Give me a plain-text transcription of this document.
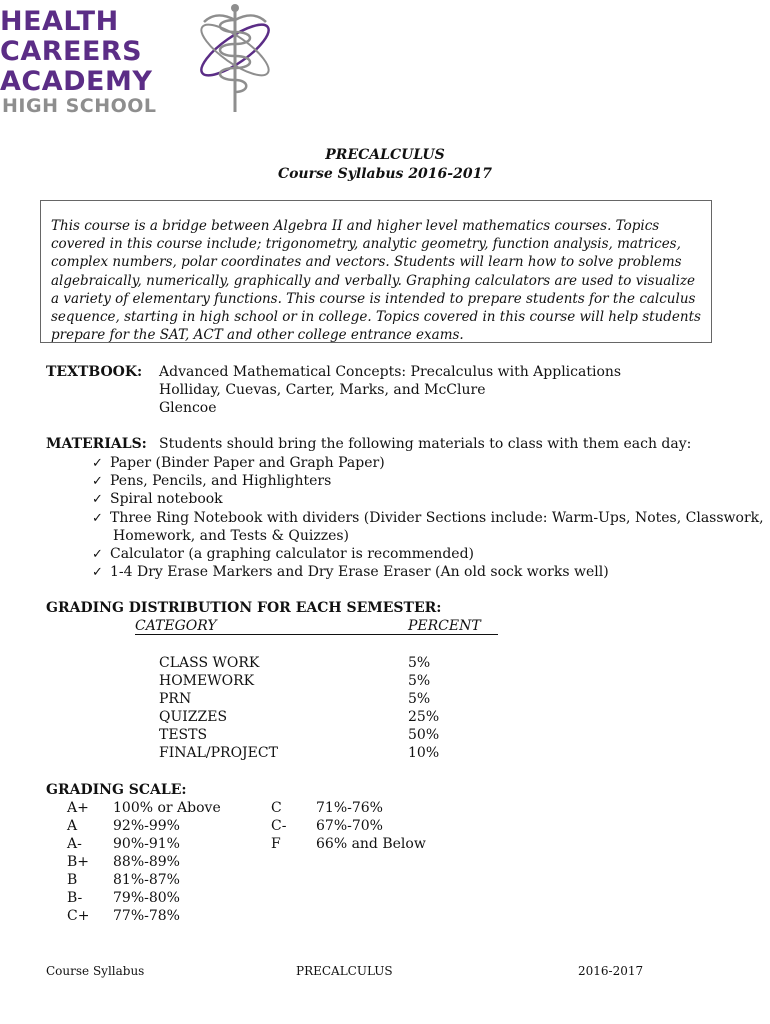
HEALTH
CAREERS
ACADEMY
HIGH SCHOOL
PRECALCULUS
Course Syllabus 2016-2017

This course is a bridge between Algebra II and higher level mathematics courses. Topics covered in this course include; trigonometry, analytic geometry, function analysis, matrices, complex numbers, polar coordinates and vectors. Students will learn how to solve problems algebraically, numerically, graphically and verbally. Graphing calculators are used to visualize a variety of elementary functions. This course is intended to prepare students for the calculus sequence, starting in high school or in college. Topics covered in this course will help students prepare for the SAT, ACT and other college entrance exams.

TEXTBOOK: Advanced Mathematical Concepts: Precalculus with Applications
Holliday, Cuevas, Carter, Marks, and McClure
Glencoe
MATERIALS: Students should bring the following materials to class with them each day:
✓ Paper (Binder Paper and Graph Paper)
✓ Pens, Pencils, and Highlighters
✓ Spiral notebook
✓ Three Ring Notebook with dividers (Divider Sections include: Warm-Ups, Notes, Classwork,
Homework, and Tests & Quizzes)
✓ Calculator (a graphing calculator is recommended)
✓ 1-4 Dry Erase Markers and Dry Erase Eraser (An old sock works well)
GRADING DISTRIBUTION FOR EACH SEMESTER:
CATEGORY	PERCENT
CLASS WORK	5%
HOMEWORK	5%
PRN	5%
QUIZZES	25%
TESTS	50%
FINAL/PROJECT	10%
GRADING SCALE:
A+ 100% or Above
A	92%-99%
A- 90%-91%
B+ 88%-89%
B	81%-87%
B- 79%-80%
C+ 77%-78%
C 71%-76%
C- 67%-70%
F	66% and Below
Course Syllabus	PRECALCULUS	2016-2017
